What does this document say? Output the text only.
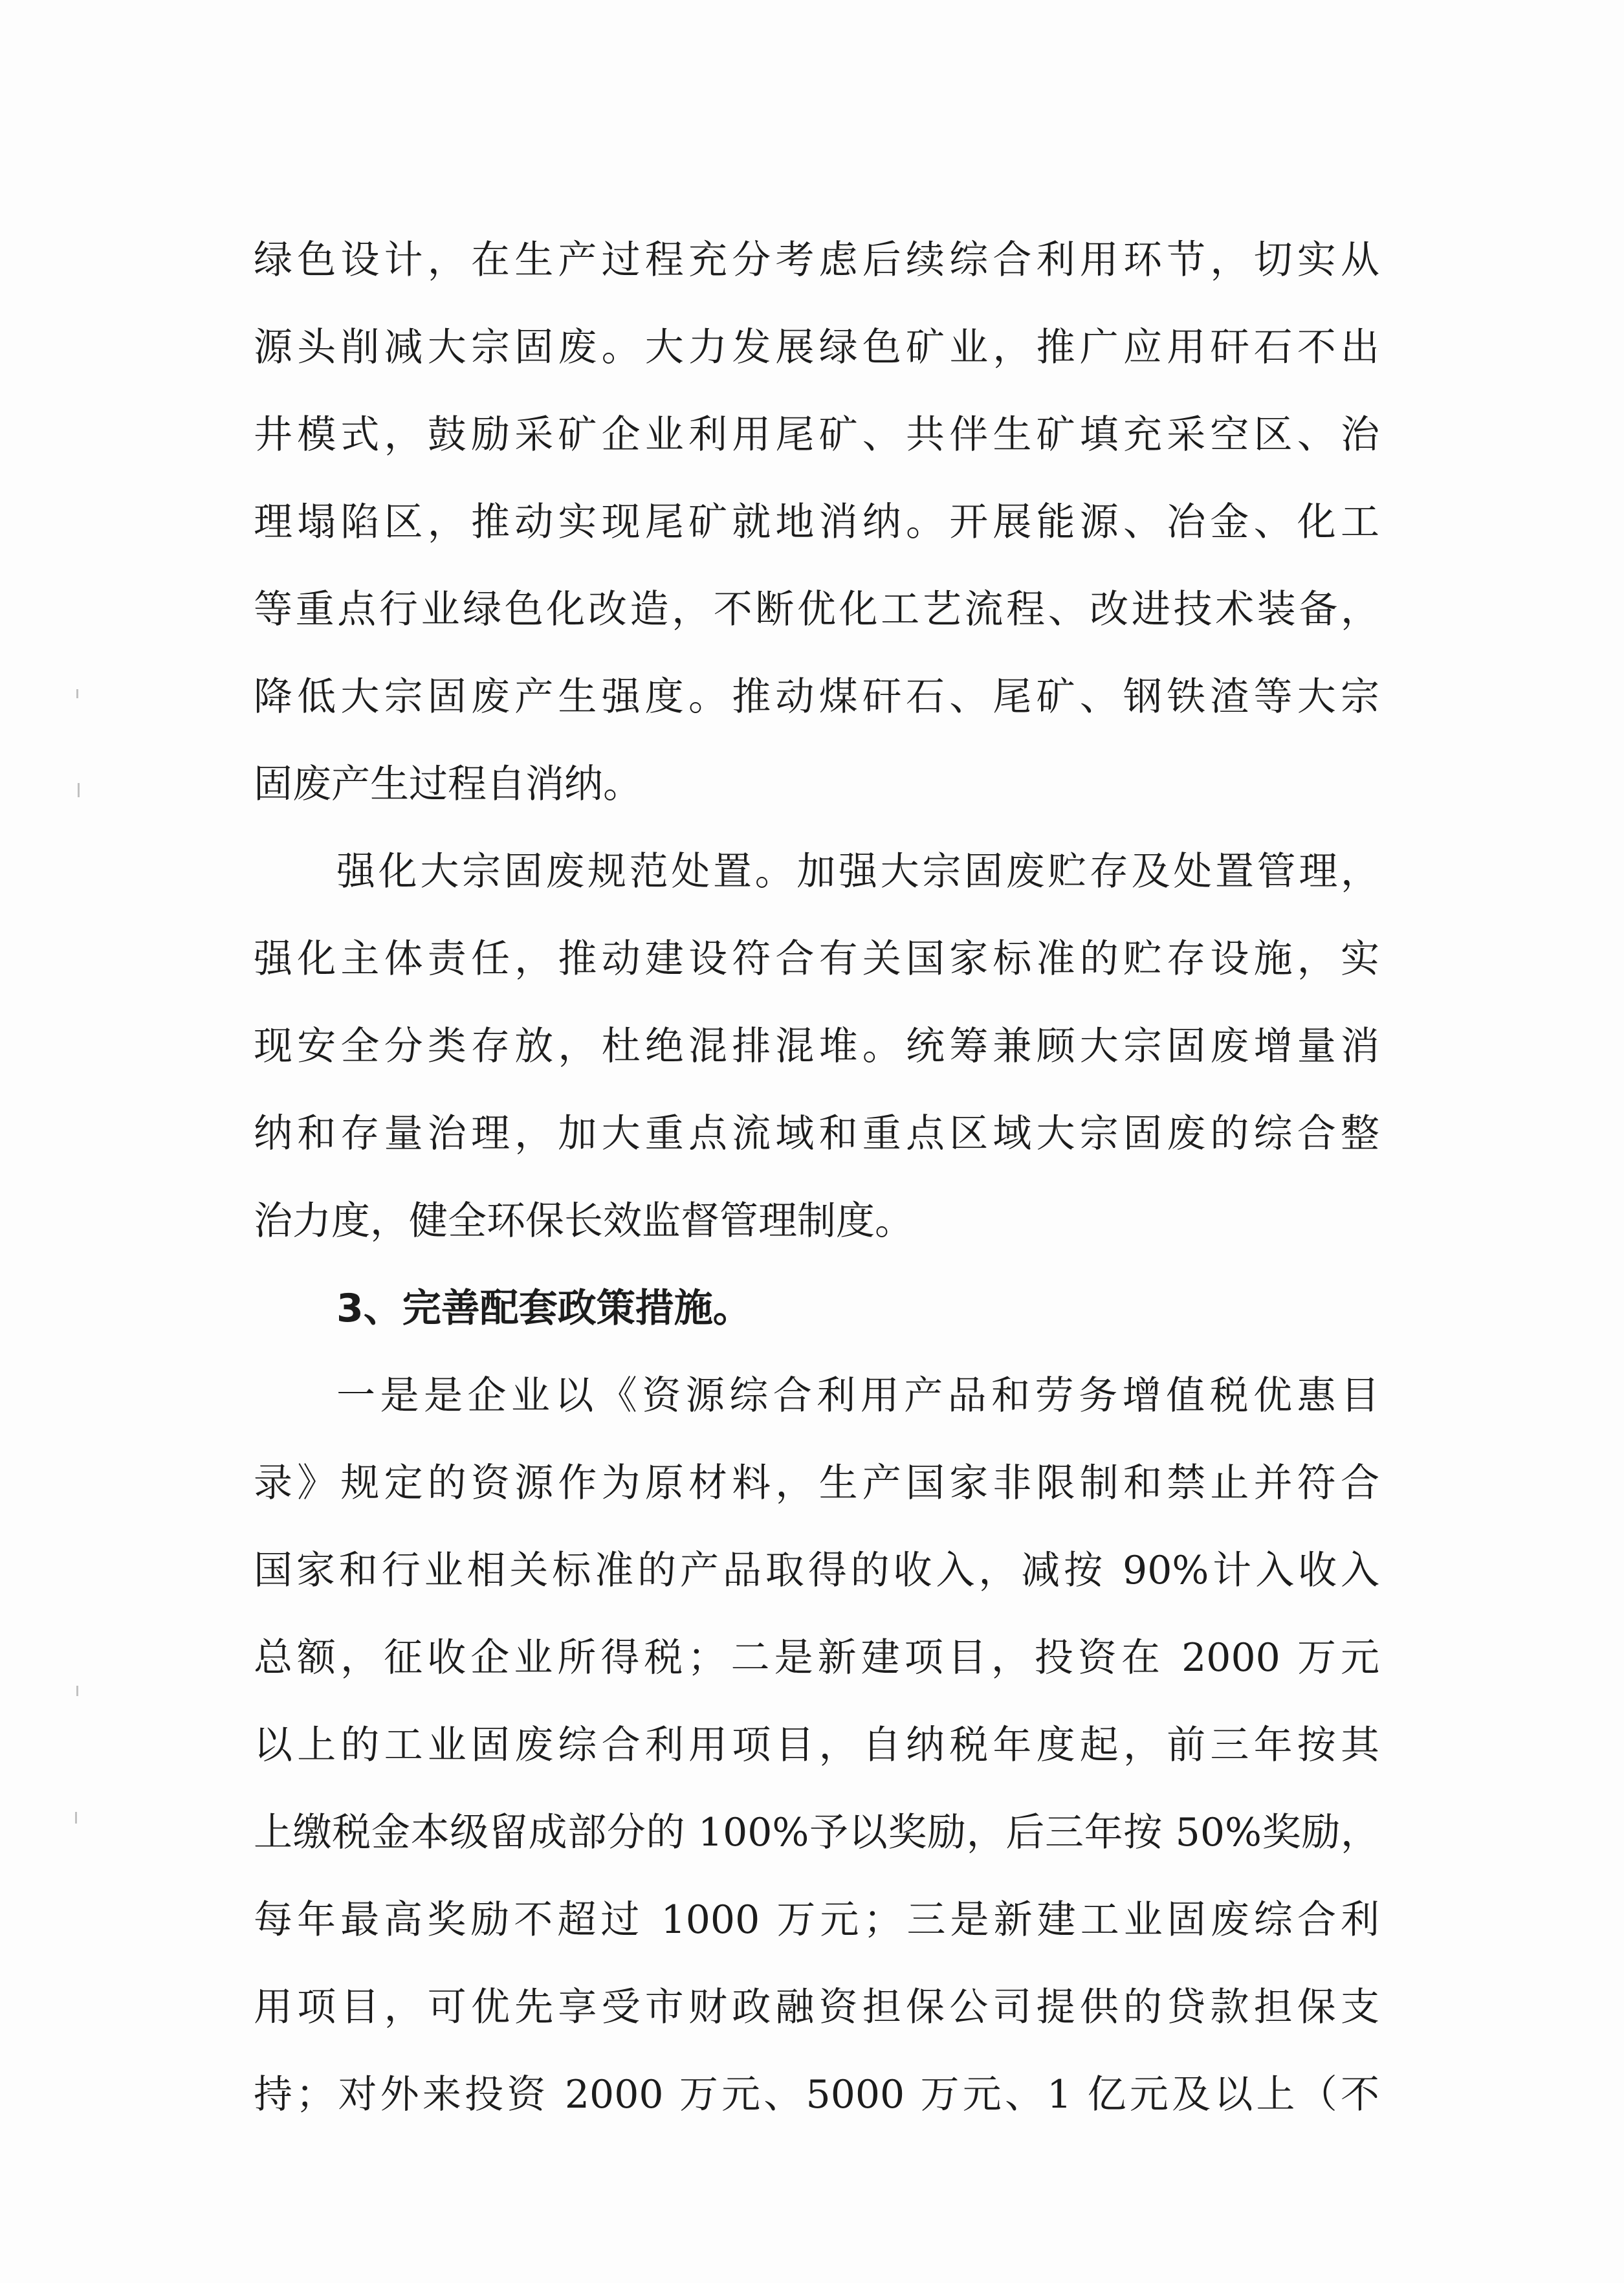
绿色设计，在生产过程充分考虑后续综合利用环节，切实从
源头削减大宗固废。大力发展绿色矿业，推广应用矸石不出
井模式，鼓励采矿企业利用尾矿、共伴生矿填充采空区、治
理塌陷区，推动实现尾矿就地消纳。开展能源、冶金、化工
等重点行业绿色化改造，不断优化工艺流程、改进技术装备，
降低大宗固废产生强度。推动煤矸石、尾矿、钢铁渣等大宗
固废产生过程自消纳。
强化大宗固废规范处置。加强大宗固废贮存及处置管理，
强化主体责任，推动建设符合有关国家标准的贮存设施，实
现安全分类存放，杜绝混排混堆。统筹兼顾大宗固废增量消
纳和存量治理，加大重点流域和重点区域大宗固废的综合整
治力度，健全环保长效监督管理制度。
3、完善配套政策措施。
一是是企业以《资源综合利用产品和劳务增值税优惠目
录》规定的资源作为原材料，生产国家非限制和禁止并符合
国家和行业相关标准的产品取得的收入，减按 90%计入收入
总额，征收企业所得税；二是新建项目，投资在 2000 万元
以上的工业固废综合利用项目，自纳税年度起，前三年按其
上缴税金本级留成部分的 100%予以奖励，后三年按 50%奖励，
每年最高奖励不超过 1000 万元；三是新建工业固废综合利
用项目，可优先享受市财政融资担保公司提供的贷款担保支
持；对外来投资 2000 万元、5000 万元、1 亿元及以上（不
